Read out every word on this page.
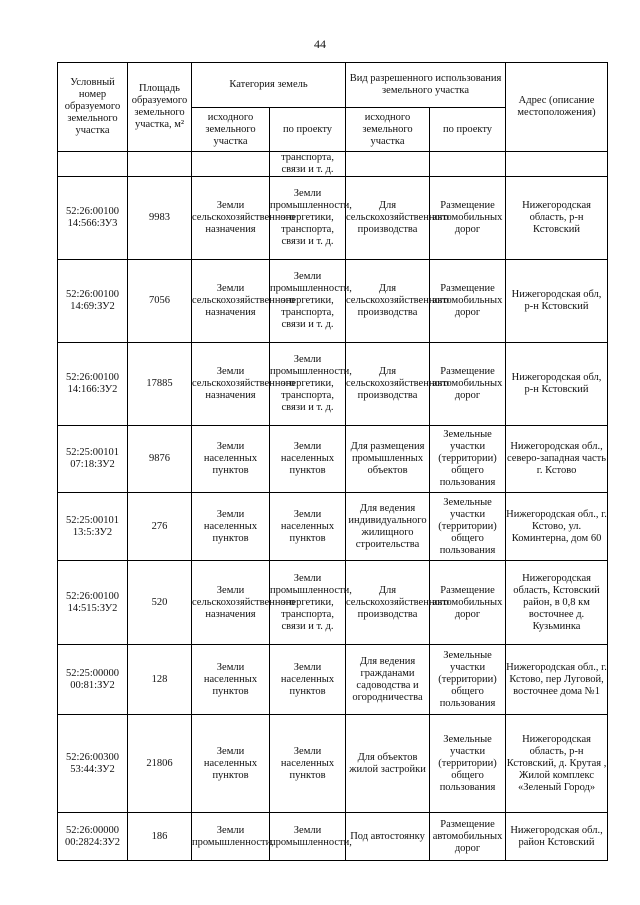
44
Условный номер образуемого земельного участка	Площадь образуемого земельного участка, м²	Категория земель		Вид разрешенного использования земельного участка		Адрес (описание местоположения)
		исходного земельного участка	по проекту	исходного земельного участка	по проекту	
			транспорта, связи и т. д.			
52:26:00100 14:566:ЗУ3	9983	Земли сельскохозяйственного назначения	Земли промышленности, энергетики, транспорта, связи и т. д.	Для сельскохозяйственного производства	Размещение автомобильных дорог	Нижегородская область, р-н Кстовский
52:26:00100 14:69:ЗУ2	7056	Земли сельскохозяйственного назначения	Земли промышленности, энергетики, транспорта, связи и т. д.	Для сельскохозяйственного производства	Размещение автомобильных дорог	Нижегородская обл, р-н Кстовский
52:26:00100 14:166:ЗУ2	17885	Земли сельскохозяйственного назначения	Земли промышленности, энергетики, транспорта, связи и т. д.	Для сельскохозяйственного производства	Размещение автомобильных дорог	Нижегородская обл, р-н Кстовский
52:25:00101 07:18:ЗУ2	9876	Земли населенных пунктов	Земли населенных пунктов	Для размещения промышленных объектов	Земельные участки (территории) общего пользования	Нижегородская обл., северо-западная часть г. Кстово
52:25:00101 13:5:ЗУ2	276	Земли населенных пунктов	Земли населенных пунктов	Для ведения индивидуального жилищного строительства	Земельные участки (территории) общего пользования	Нижегородская обл., г. Кстово, ул. Коминтерна, дом 60
52:26:00100 14:515:ЗУ2	520	Земли сельскохозяйственного назначения	Земли промышленности, энергетики, транспорта, связи и т. д.	Для сельскохозяйственного производства	Размещение автомобильных дорог	Нижегородская область, Кстовский район, в 0,8 км восточнее д. Кузьминка
52:25:00000 00:81:ЗУ2	128	Земли населенных пунктов	Земли населенных пунктов	Для ведения гражданами садоводства и огородничества	Земельные участки (территории) общего пользования	Нижегородская обл., г. Кстово, пер Луговой, восточнее дома №1
52:26:00300 53:44:ЗУ2	21806	Земли населенных пунктов	Земли населенных пунктов	Для объектов жилой застройки	Земельные участки (территории) общего пользования	Нижегородская область, р-н Кстовский, д. Крутая , Жилой комплекс «Зеленый Город»
52:26:00000 00:2824:ЗУ2	186	Земли промышленности,	Земли промышленности,	Под автостоянку	Размещение автомобильных дорог	Нижегородская обл., район Кстовский
